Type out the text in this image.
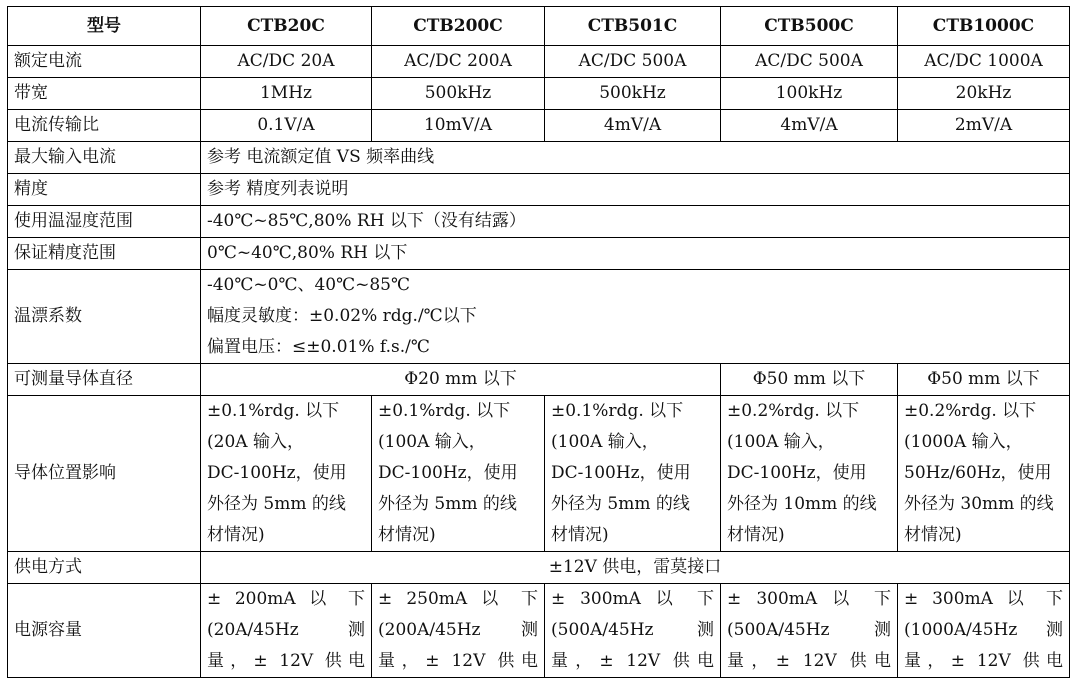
型号	CTB20C	CTB200C	CTB501C	CTB500C	CTB1000C
额定电流	AC/DC 20A	AC/DC 200A	AC/DC 500A	AC/DC 500A	AC/DC 1000A
带宽	1MHz	500kHz	500kHz	100kHz	20kHz
电流传输比	0.1V/A	10mV/A	4mV/A	4mV/A	2mV/A
最大输入电流	参考 电流额定值 VS 频率曲线				
精度	参考 精度列表说明				
使用温湿度范围	-40℃~85℃,80% RH 以下（没有结露）				
保证精度范围	0℃~40℃,80% RH 以下				
温漂系数	-40℃~0℃、40℃~85℃
幅度灵敏度：±0.02% rdg./℃以下
偏置电压：≤±0.01% f.s./℃				

可测量导体直径	Φ20 mm 以下			Φ50 mm 以下	Φ50 mm 以下
导体位置影响	±0.1%rdg. 以下
(20A 输入，
DC-100Hz，使用
外径为 5mm 的线
材情况)	±0.1%rdg. 以下
(100A 输入，
DC-100Hz，使用
外径为 5mm 的线
材情况)	±0.1%rdg. 以下
(100A 输入，
DC-100Hz，使用
外径为 5mm 的线
材情况)	±0.2%rdg. 以下
(100A 输入，
DC-100Hz，使用
外径为 10mm 的线
材情况)	±0.2%rdg. 以下
(1000A 输入，
50Hz/60Hz，使用
外径为 30mm 的线
材情况)

供电方式	±12V 供电，雷莫接口				
电源容量	± 200mA 以 下
(20A/45Hz 测
量，± 12V 供电	± 250mA 以 下
(200A/45Hz 测
量，± 12V 供电	± 300mA 以 下
(500A/45Hz 测
量，± 12V 供电	± 300mA 以 下
(500A/45Hz 测
量，± 12V 供电	± 300mA 以 下
(1000A/45Hz 测
量，± 12V 供电
